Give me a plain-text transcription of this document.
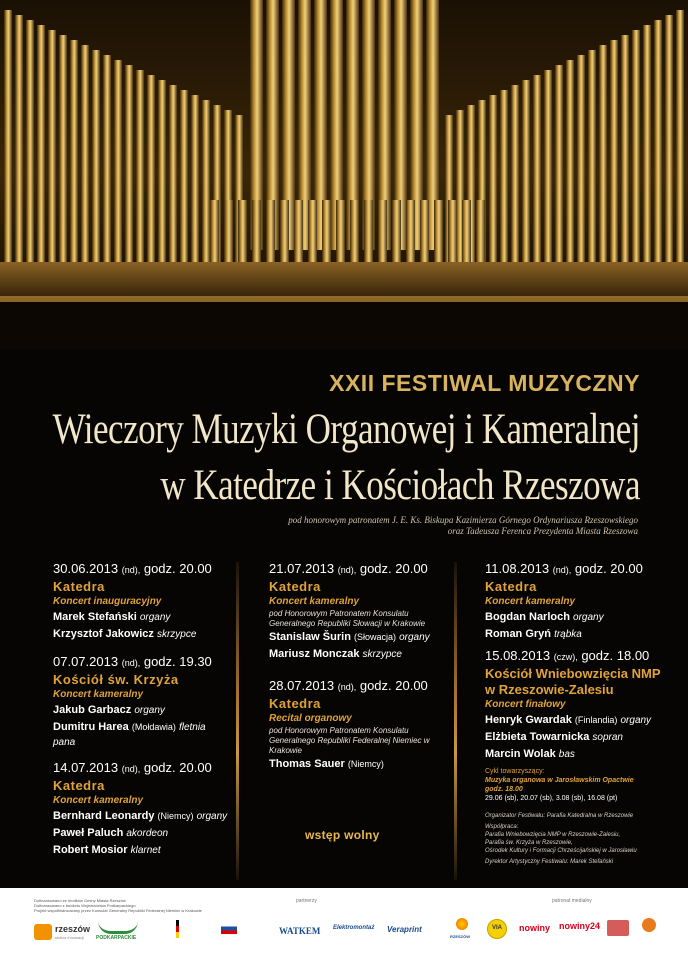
XXII FESTIWAL MUZYCZNY
Wieczory Muzyki Organowej i Kameralnej
w Katedrze i Kościołach Rzeszowa
pod honorowym patronatem J. E. Ks. Biskupa Kazimierza Górnego Ordynariusza Rzeszowskiego
oraz Tadeusza Ferenca Prezydenta Miasta Rzeszowa
30.06.2013 (nd), godz. 20.00
Katedra
Koncert inauguracyjny
Marek Stefański organy
Krzysztof Jakowicz skrzypce
07.07.2013 (nd), godz. 19.30
Kościół św. Krzyża
Koncert kameralny
Jakub Garbacz organy
Dumitru Harea (Mołdawia) fletnia
pana
14.07.2013 (nd), godz. 20.00
Katedra
Koncert kameralny
Bernhard Leonardy (Niemcy) organy
Paweł Paluch akordeon
Robert Mosior klarnet
21.07.2013 (nd), godz. 20.00
Katedra
Koncert kameralny
pod Honorowym Patronatem Konsulatu Generalnego Republiki Słowacji w Krakowie
Stanislaw Šurin (Słowacja) organy
Mariusz Monczak skrzypce
28.07.2013 (nd), godz. 20.00
Katedra
Recital organowy
pod Honorowym Patronatem Konsulatu Generalnego Republiki Federalnej Niemiec w Krakowie
Thomas Sauer (Niemcy)
wstęp wolny
11.08.2013 (nd), godz. 20.00
Katedra
Koncert kameralny
Bogdan Narloch organy
Roman Gryń trąbka
15.08.2013 (czw), godz. 18.00
Kościół Wniebowzięcia NMP
w Rzeszowie-Zalesiu
Koncert finałowy
Henryk Gwardak (Finlandia) organy
Elżbieta Towarnicka sopran
Marcin Wolak bas
Cykl towarzyszący:
Muzyka organowa w Jarosławskim Opactwie
godz. 18.00
29.06 (sb), 20.07 (sb), 3.08 (sb), 16.08 (pt)
Organizator Festiwalu: Parafia Katedralna w Rzeszowie
Współpraca:
Parafia Wniebowzięcia NMP w Rzeszowie-Zalesiu,
Parafia św. Krzyża w Rzeszowie,
Ośrodek Kultury i Formacji Chrześcijańskiej w Jarosławiu
Dyrektor Artystyczny Festiwalu: Marek Stefański
Dofinansowano ze środków Gminy Miasta Rzeszów
Dofinansowano z budżetu Województwa Podkarpackiego
Projekt współfinansowany przez Konsulat Generalny Republiki Federalnej Niemiec w Krakowie
partnerzy	patronat medialny
rzeszów
stolica innowacji PODKARPACKIE
WATKEM Elektromontaż Veraprint
RZESZÓW
VIA nowiny nowiny24
